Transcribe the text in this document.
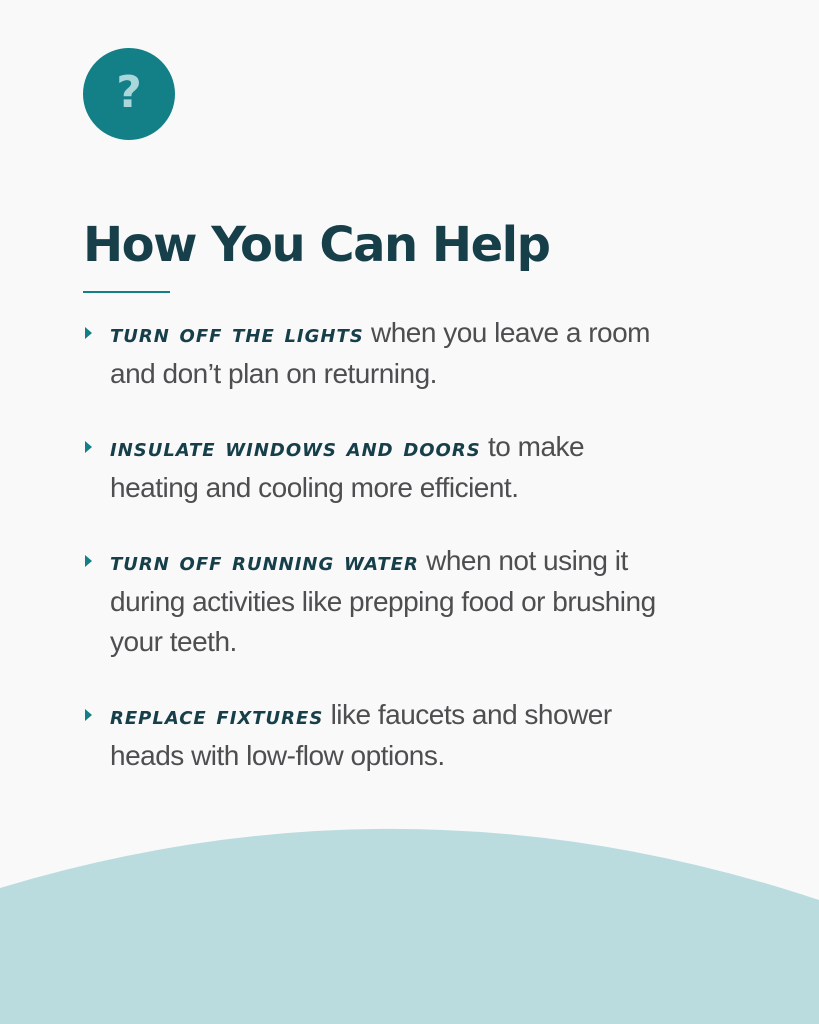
?
How You Can Help
turn off the lights when you leave a room and don’t plan on returning.
insulate windows and doors to make heating and cooling more efficient.
turn off running water when not using it during activities like prepping food or brushing your teeth.
replace fixtures like faucets and shower heads with low-flow options.
